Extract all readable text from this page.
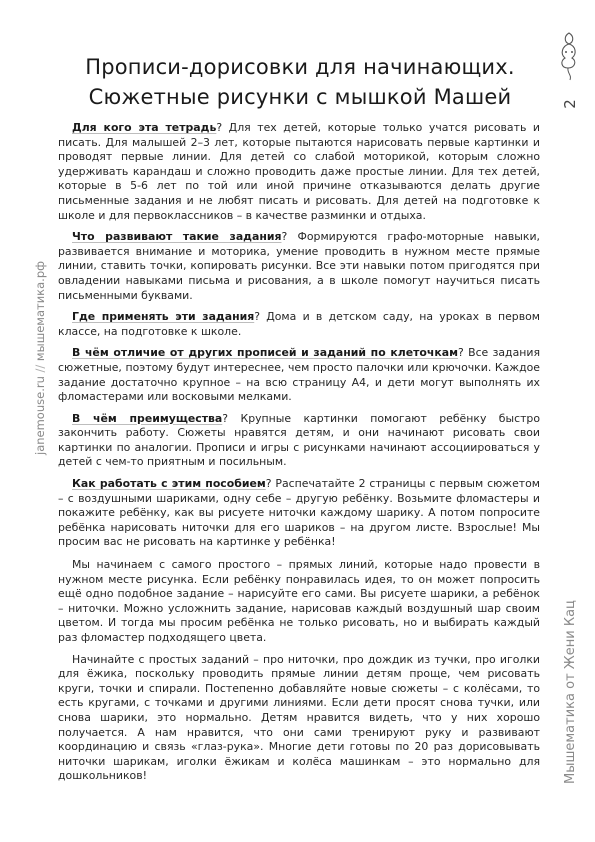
Прописи-дорисовки для начинающих.
Сюжетные рисунки с мышкой Машей
janemouse.ru // мышематика.рф
2
Мышематика от Жени Кац

Для кого эта тетрадь? Для тех детей, которые только учатся рисовать и писать. Для малышей 2–3 лет, которые пытаются нарисовать первые картинки и проводят первые линии. Для детей со слабой моторикой, которым сложно удерживать карандаш и сложно проводить даже простые линии. Для тех детей, которые в 5-6 лет по той или иной причине отказываются делать другие письменные задания и не любят писать и рисовать. Для детей на подготовке к школе и для первоклассников – в качестве разминки и отдыха.

Что развивают такие задания? Формируются графо-моторные навыки, развивается внимание и моторика, умение проводить в нужном месте прямые линии, ставить точки, копировать рисунки. Все эти навыки потом пригодятся при овладении навыками письма и рисования, а в школе помогут научиться писать письменными буквами.

Где применять эти задания? Дома и в детском саду, на уроках в первом классе, на подготовке к школе.

В чём отличие от других прописей и заданий по клеточкам? Все задания сюжетные, поэтому будут интереснее, чем просто палочки или крючочки. Каждое задание достаточно крупное – на всю страницу А4, и дети могут выполнять их фломастерами или восковыми мелками.

В чём преимущества? Крупные картинки помогают ребёнку быстро закончить работу. Сюжеты нравятся детям, и они начинают рисовать свои картинки по аналогии. Прописи и игры с рисунками начинают ассоциироваться у детей с чем-то приятным и посильным.

Как работать с этим пособием? Распечатайте 2 страницы с первым сюжетом – с воздушными шариками, одну себе – другую ребёнку. Возьмите фломастеры и покажите ребёнку, как вы рисуете ниточки каждому шарику. А потом попросите ребёнка нарисовать ниточки для его шариков – на другом листе. Взрослые! Мы просим вас не рисовать на картинке у ребёнка!

Мы начинаем с самого простого – прямых линий, которые надо провести в нужном месте рисунка. Если ребёнку понравилась идея, то он может попросить ещё одно подобное задание – нарисуйте его сами. Вы рисуете шарики, а ребёнок – ниточки. Можно усложнить задание, нарисовав каждый воздушный шар своим цветом. И тогда мы просим ребёнка не только рисовать, но и выбирать каждый раз фломастер подходящего цвета.

Начинайте с простых заданий – про ниточки, про дождик из тучки, про иголки для ёжика, поскольку проводить прямые линии детям проще, чем рисовать круги, точки и спирали. Постепенно добавляйте новые сюжеты – с колёсами, то есть кругами, с точками и другими линиями. Если дети просят снова тучки, или снова шарики, это нормально. Детям нравится видеть, что у них хорошо получается. А нам нравится, что они сами тренируют руку и развивают координацию и связь «глаз-рука». Многие дети готовы по 20 раз дорисовывать ниточки шарикам, иголки ёжикам и колёса машинкам – это нормально для дошкольников!
